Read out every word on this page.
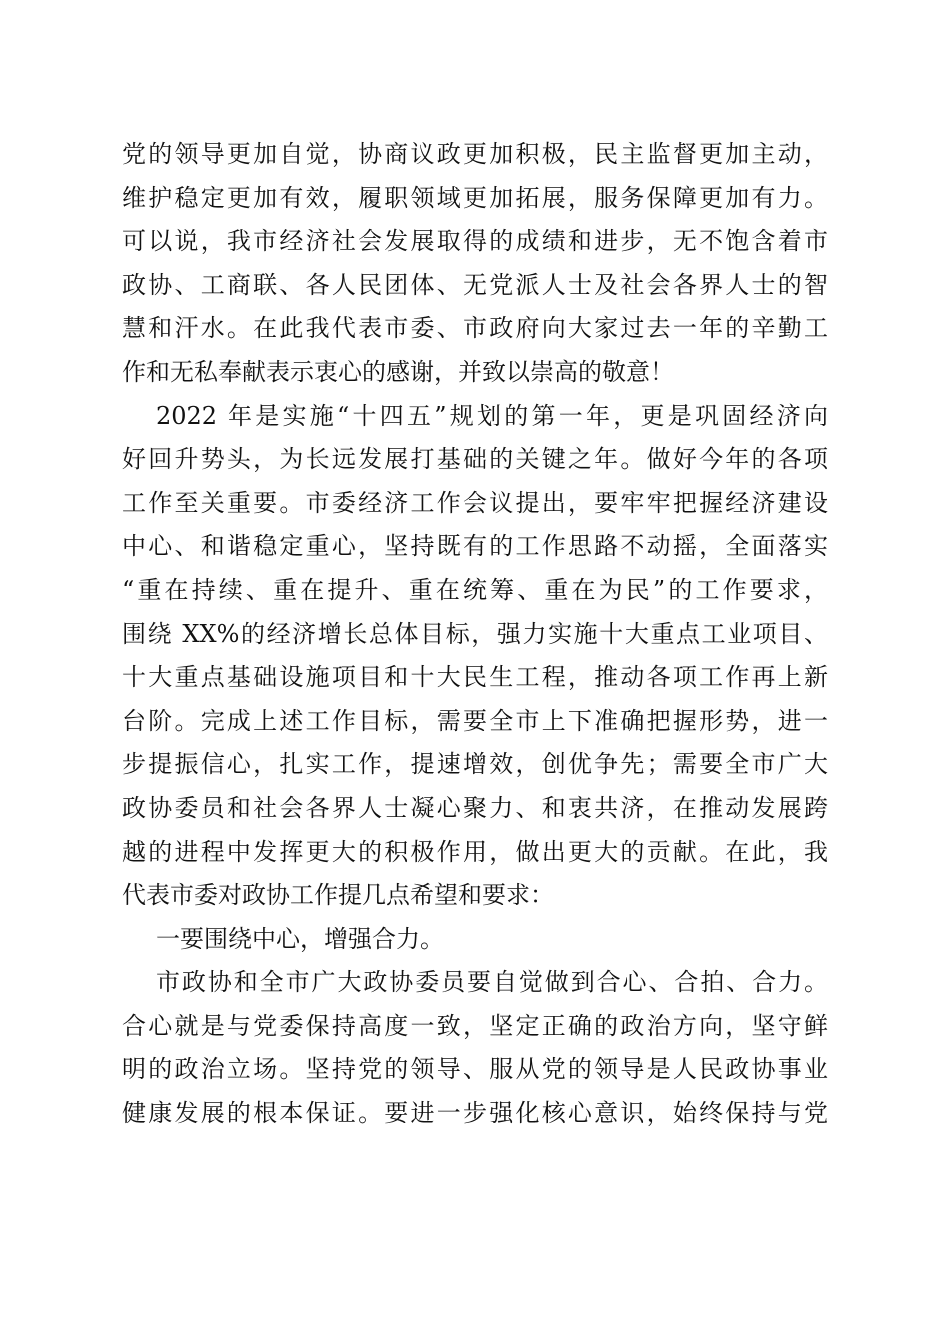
党的领导更加自觉，协商议政更加积极，民主监督更加主动，
维护稳定更加有效，履职领域更加拓展，服务保障更加有力。
可以说，我市经济社会发展取得的成绩和进步，无不饱含着市
政协、工商联、各人民团体、无党派人士及社会各界人士的智
慧和汗水。在此我代表市委、市政府向大家过去一年的辛勤工
作和无私奉献表示衷心的感谢，并致以崇高的敬意！
2022 年是实施“十四五”规划的第一年，更是巩固经济向
好回升势头，为长远发展打基础的关键之年。做好今年的各项
工作至关重要。市委经济工作会议提出，要牢牢把握经济建设
中心、和谐稳定重心，坚持既有的工作思路不动摇，全面落实
“重在持续、重在提升、重在统筹、重在为民”的工作要求，
围绕 XX%的经济增长总体目标，强力实施十大重点工业项目、
十大重点基础设施项目和十大民生工程，推动各项工作再上新
台阶。完成上述工作目标，需要全市上下准确把握形势，进一
步提振信心，扎实工作，提速增效，创优争先；需要全市广大
政协委员和社会各界人士凝心聚力、和衷共济，在推动发展跨
越的进程中发挥更大的积极作用，做出更大的贡献。在此，我
代表市委对政协工作提几点希望和要求：
一要围绕中心，增强合力。
市政协和全市广大政协委员要自觉做到合心、合拍、合力。
合心就是与党委保持高度一致，坚定正确的政治方向，坚守鲜
明的政治立场。坚持党的领导、服从党的领导是人民政协事业
健康发展的根本保证。要进一步强化核心意识，始终保持与党
